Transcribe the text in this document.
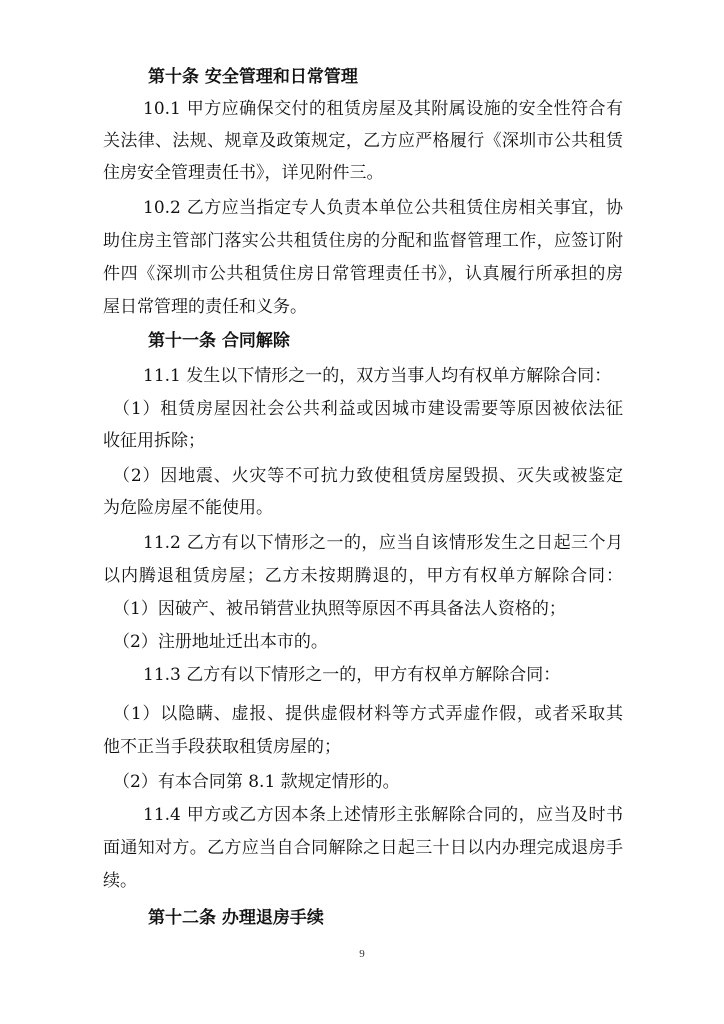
第十条 安全管理和日常管理
10.1 甲方应确保交付的租赁房屋及其附属设施的安全性符合有
关法律、法规、规章及政策规定，乙方应严格履行《深圳市公共租赁
住房安全管理责任书》，详见附件三。
10.2 乙方应当指定专人负责本单位公共租赁住房相关事宜，协
助住房主管部门落实公共租赁住房的分配和监督管理工作，应签订附
件四《深圳市公共租赁住房日常管理责任书》，认真履行所承担的房
屋日常管理的责任和义务。
第十一条 合同解除
11.1 发生以下情形之一的，双方当事人均有权单方解除合同：
（1）租赁房屋因社会公共利益或因城市建设需要等原因被依法征
收征用拆除；
（2）因地震、火灾等不可抗力致使租赁房屋毁损、灭失或被鉴定
为危险房屋不能使用。
11.2 乙方有以下情形之一的，应当自该情形发生之日起三个月
以内腾退租赁房屋；乙方未按期腾退的，甲方有权单方解除合同：
（1）因破产、被吊销营业执照等原因不再具备法人资格的；
（2）注册地址迁出本市的。
11.3 乙方有以下情形之一的，甲方有权单方解除合同：
（1）以隐瞒、虚报、提供虚假材料等方式弄虚作假，或者采取其
他不正当手段获取租赁房屋的；
（2）有本合同第 8.1 款规定情形的。
11.4 甲方或乙方因本条上述情形主张解除合同的，应当及时书
面通知对方。乙方应当自合同解除之日起三十日以内办理完成退房手
续。
第十二条 办理退房手续
9
